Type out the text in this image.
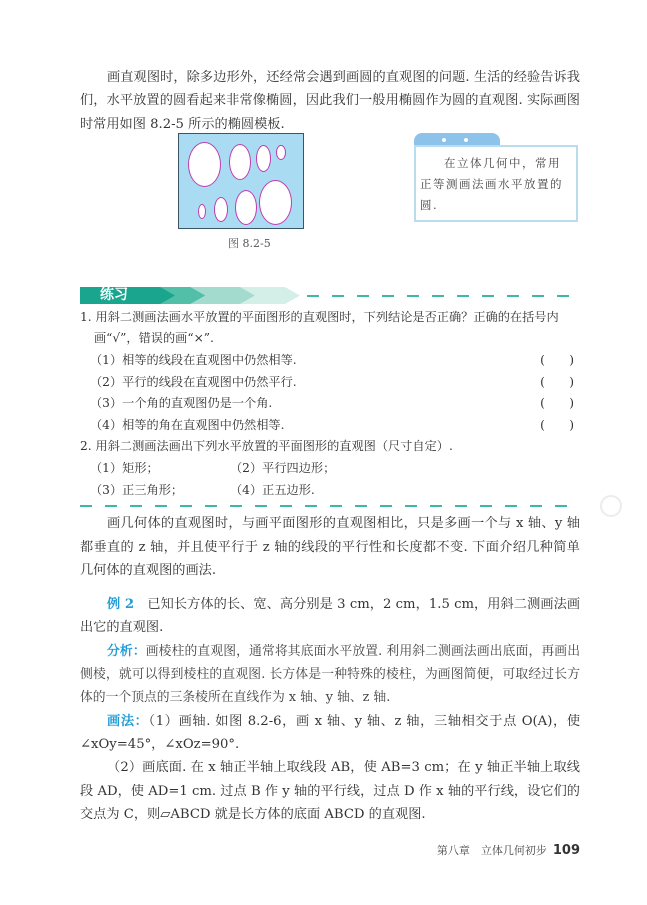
画直观图时，除多边形外，还经常会遇到画圆的直观图的问题. 生活的经验告诉我们，水平放置的圆看起来非常像椭圆，因此我们一般用椭圆作为圆的直观图. 实际画图时常用如图 8.2-5 所示的椭圆模板.

图 8.2-5
在立体几何中，常用正等测画法画水平放置的圆.
练习
1. 用斜二测画法画水平放置的平面图形的直观图时，下列结论是否正确？正确的在括号内画“√”，错误的画“×”.
（1）相等的线段在直观图中仍然相等.	(　　)
（2）平行的线段在直观图中仍然平行.	(　　)
（3）一个角的直观图仍是一个角.	(　　)
（4）相等的角在直观图中仍然相等.	(　　)
2. 用斜二测画法画出下列水平放置的平面图形的直观图（尺寸自定）.
（1）矩形；	（2）平行四边形；
（3）正三角形；	（4）正五边形.

画几何体的直观图时，与画平面图形的直观图相比，只是多画一个与 x 轴、y 轴都垂直的 z 轴，并且使平行于 z 轴的线段的平行性和长度都不变. 下面介绍几种简单几何体的直观图的画法.

例 2　 已知长方体的长、宽、高分别是 3 cm，2 cm，1.5 cm，用斜二测画法画出它的直观图.

分析：画棱柱的直观图，通常将其底面水平放置. 利用斜二测画法画出底面，再画出侧棱，就可以得到棱柱的直观图. 长方体是一种特殊的棱柱，为画图简便，可取经过长方体的一个顶点的三条棱所在直线作为 x 轴、y 轴、z 轴.

画法：（1）画轴. 如图 8.2-6，画 x 轴、y 轴、z 轴，三轴相交于点 O(A)，使∠xOy=45°，∠xOz=90°.

（2）画底面. 在 x 轴正半轴上取线段 AB，使 AB=3 cm；在 y 轴正半轴上取线段 AD，使 AD=1 cm. 过点 B 作 y 轴的平行线，过点 D 作 x 轴的平行线，设它们的交点为 C，则▱ABCD 就是长方体的底面 ABCD 的直观图.

第八章　立体几何初步 109
